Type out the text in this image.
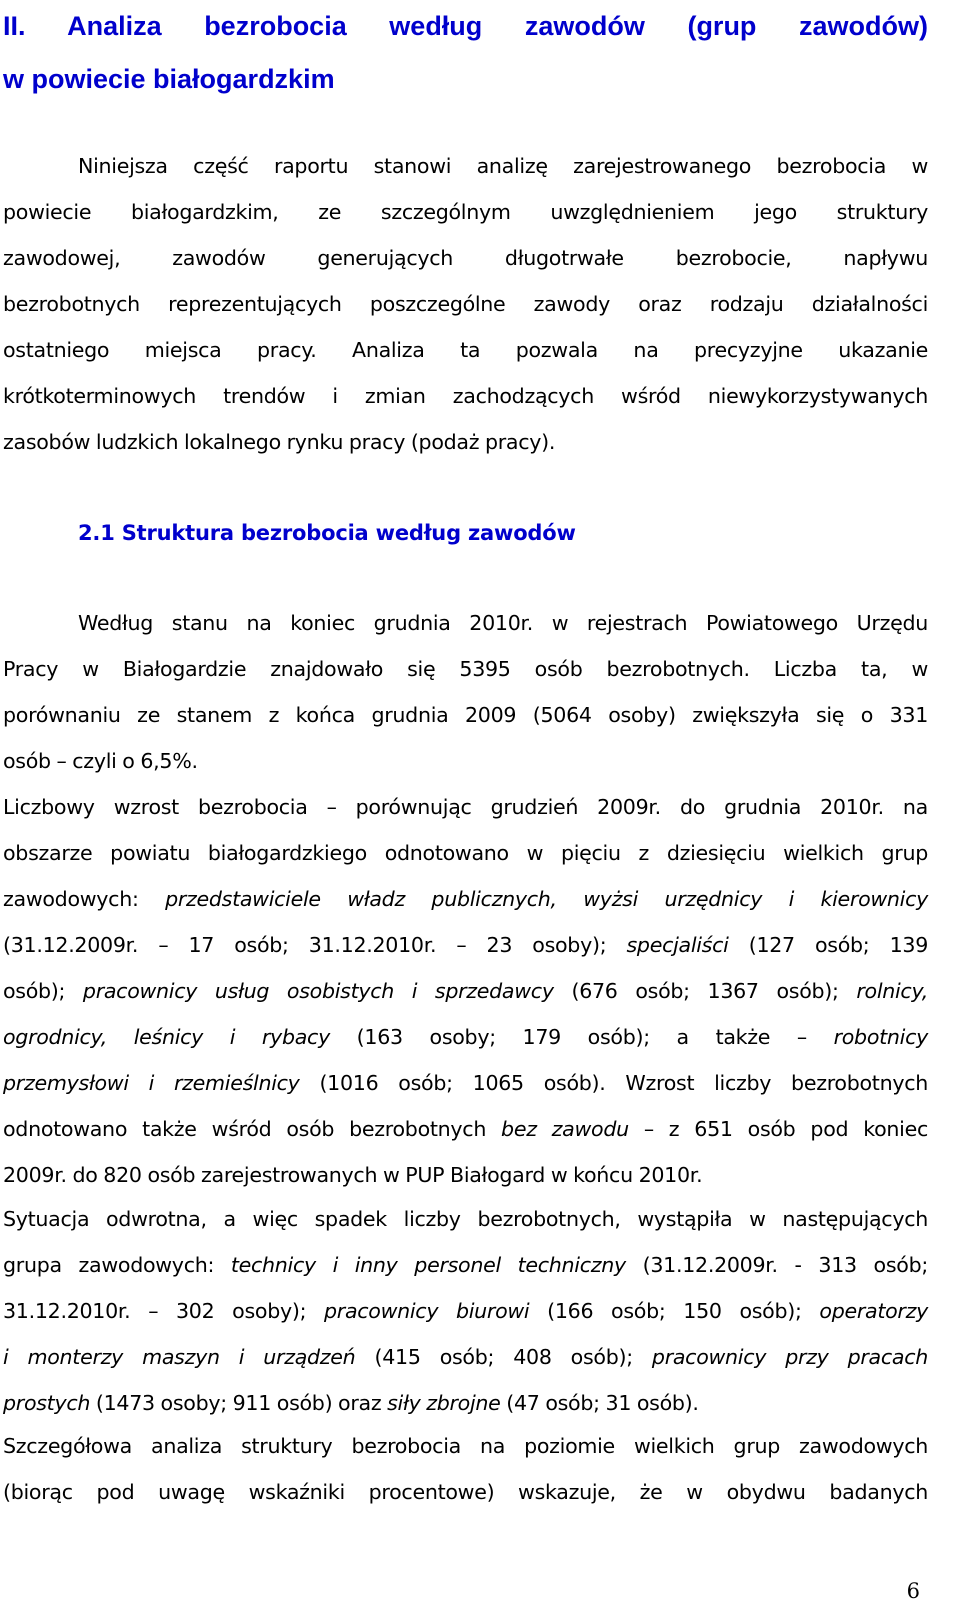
II. Analiza bezrobocia według zawodów (grup zawodów)
w powiecie białogardzkim

Niniejsza część raportu stanowi analizę zarejestrowanego bezrobocia w
powiecie białogardzkim, ze szczególnym uwzględnieniem jego struktury
zawodowej, zawodów generujących długotrwałe bezrobocie, napływu
bezrobotnych reprezentujących poszczególne zawody oraz rodzaju działalności
ostatniego miejsca pracy. Analiza ta pozwala na precyzyjne ukazanie
krótkoterminowych trendów i zmian zachodzących wśród niewykorzystywanych
zasobów ludzkich lokalnego rynku pracy (podaż pracy).

2.1 Struktura bezrobocia według zawodów

Według stanu na koniec grudnia 2010r. w rejestrach Powiatowego Urzędu
Pracy w Białogardzie znajdowało się 5395 osób bezrobotnych. Liczba ta, w
porównaniu ze stanem z końca grudnia 2009 (5064 osoby) zwiększyła się o 331
osób – czyli o 6,5%.

Liczbowy wzrost bezrobocia – porównując grudzień 2009r. do grudnia 2010r. na
obszarze powiatu białogardzkiego odnotowano w pięciu z dziesięciu wielkich grup
zawodowych: przedstawiciele władz publicznych, wyżsi urzędnicy i kierownicy
(31.12.2009r. – 17 osób; 31.12.2010r. – 23 osoby); specjaliści (127 osób; 139
osób); pracownicy usług osobistych i sprzedawcy (676 osób; 1367 osób); rolnicy,
ogrodnicy, leśnicy i rybacy (163 osoby; 179 osób); a także – robotnicy
przemysłowi i rzemieślnicy (1016 osób; 1065 osób). Wzrost liczby bezrobotnych
odnotowano także wśród osób bezrobotnych bez zawodu – z 651 osób pod koniec
2009r. do 820 osób zarejestrowanych w PUP Białogard w końcu 2010r.

Sytuacja odwrotna, a więc spadek liczby bezrobotnych, wystąpiła w następujących
grupa zawodowych: technicy i inny personel techniczny (31.12.2009r. - 313 osób;
31.12.2010r. – 302 osoby); pracownicy biurowi (166 osób; 150 osób); operatorzy
i monterzy maszyn i urządzeń (415 osób; 408 osób); pracownicy przy pracach
prostych (1473 osoby; 911 osób) oraz siły zbrojne (47 osób; 31 osób).

Szczegółowa analiza struktury bezrobocia na poziomie wielkich grup zawodowych
(biorąc pod uwagę wskaźniki procentowe) wskazuje, że w obydwu badanych

6
